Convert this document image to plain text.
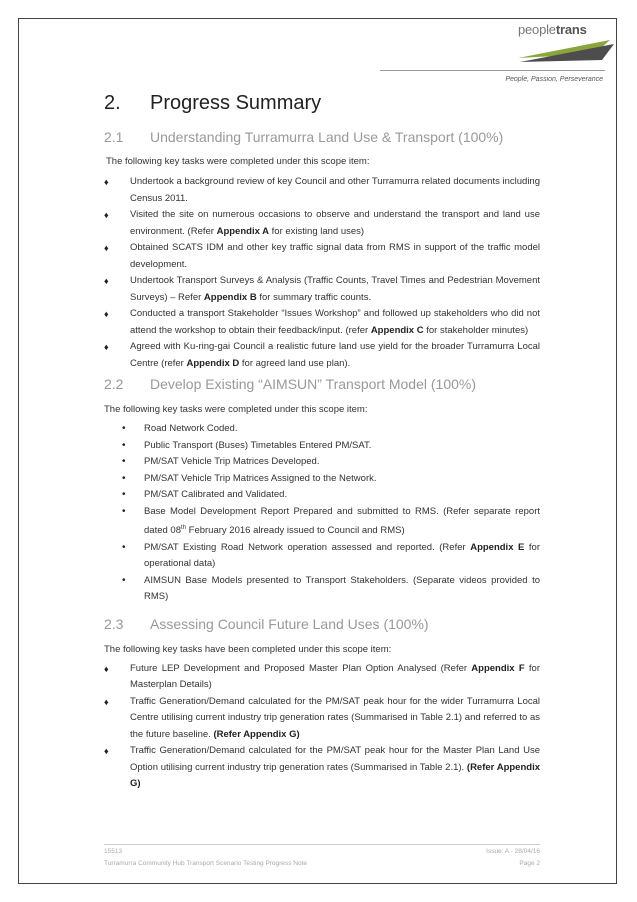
peopletrans
People, Passion, Perseverance
2.	Progress Summary
2.1	Understanding Turramurra Land Use & Transport (100%)

The following key tasks were completed under this scope item:

♦ Undertook a background review of key Council and other Turramurra related documents including Census 2011.
♦ Visited the site on numerous occasions to observe and understand the transport and land use environment. (Refer Appendix A for existing land uses)
♦ Obtained SCATS IDM and other key traffic signal data from RMS in support of the traffic model development.
♦ Undertook Transport Surveys & Analysis (Traffic Counts, Travel Times and Pedestrian Movement Surveys) – Refer Appendix B for summary traffic counts.
♦ Conducted a transport Stakeholder “Issues Workshop” and followed up stakeholders who did not attend the workshop to obtain their feedback/input. (refer Appendix C for stakeholder minutes)
♦ Agreed with Ku-ring-gai Council a realistic future land use yield for the broader Turramurra Local Centre (refer Appendix D for agreed land use plan).
2.2	Develop Existing “AIMSUN” Transport Model (100%)

The following key tasks were completed under this scope item:

• Road Network Coded.
• Public Transport (Buses) Timetables Entered PM/SAT.
• PM/SAT Vehicle Trip Matrices Developed.
• PM/SAT Vehicle Trip Matrices Assigned to the Network.
• PM/SAT Calibrated and Validated.
• Base Model Development Report Prepared and submitted to RMS. (Refer separate report dated 08th February 2016 already issued to Council and RMS)
• PM/SAT Existing Road Network operation assessed and reported. (Refer Appendix E for operational data)
• AIMSUN Base Models presented to Transport Stakeholders. (Separate videos provided to RMS)
2.3	Assessing Council Future Land Uses (100%)

The following key tasks have been completed under this scope item:

♦ Future LEP Development and Proposed Master Plan Option Analysed (Refer Appendix F for Masterplan Details)
♦ Traffic Generation/Demand calculated for the PM/SAT peak hour for the wider Turramurra Local Centre utilising current industry trip generation rates (Summarised in Table 2.1) and referred to as the future baseline. (Refer Appendix G)
♦ Traffic Generation/Demand calculated for the PM/SAT peak hour for the Master Plan Land Use Option utilising current industry trip generation rates (Summarised in Table 2.1). (Refer Appendix G)
15513	Issue: A - 28/04/16
Turramurra Community Hub Transport Scenario Testing Progress Note	Page 2
